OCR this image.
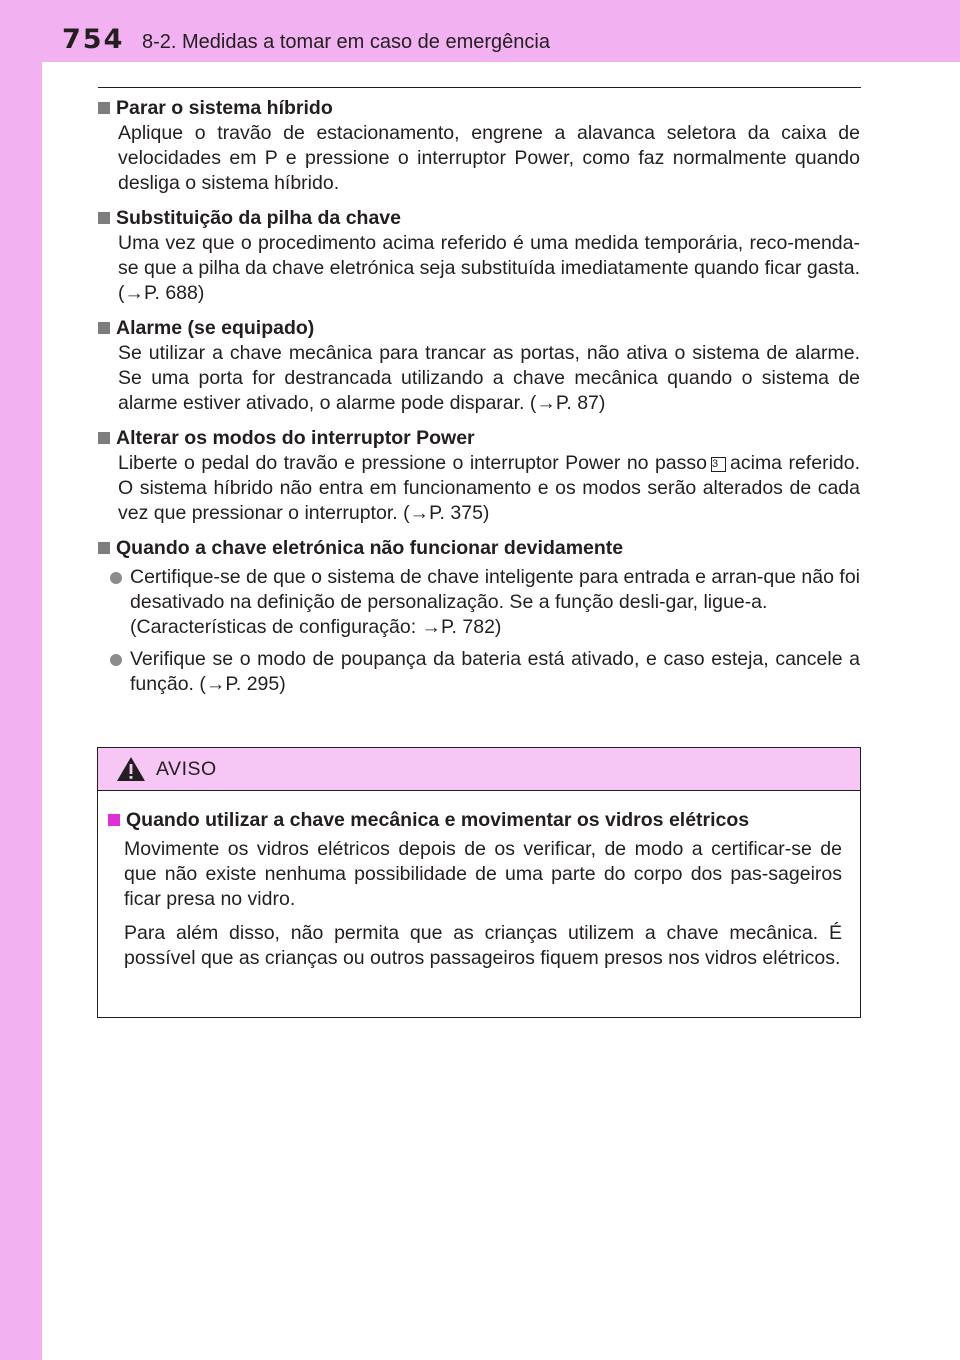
754 8-2. Medidas a tomar em caso de emergência
Parar o sistema híbrido
Aplique o travão de estacionamento, engrene a alavanca seletora da caixa de velocidades em P e pressione o interruptor Power, como faz normalmente quando desliga o sistema híbrido.
Substituição da pilha da chave
Uma vez que o procedimento acima referido é uma medida temporária, reco-menda-se que a pilha da chave eletrónica seja substituída imediatamente quando ficar gasta. (→P. 688)
Alarme (se equipado)
Se utilizar a chave mecânica para trancar as portas, não ativa o sistema de alarme. Se uma porta for destrancada utilizando a chave mecânica quando o sistema de alarme estiver ativado, o alarme pode disparar. (→P. 87)
Alterar os modos do interruptor Power
Liberte o pedal do travão e pressione o interruptor Power no passo 3 acima referido. O sistema híbrido não entra em funcionamento e os modos serão alterados de cada vez que pressionar o interruptor. (→P. 375)
Quando a chave eletrónica não funcionar devidamente
Certifique-se de que o sistema de chave inteligente para entrada e arran-que não foi desativado na definição de personalização. Se a função desli-gar, ligue-a.
(Características de configuração: →P. 782)
Verifique se o modo de poupança da bateria está ativado, e caso esteja, cancele a função. (→P. 295)
AVISO
Quando utilizar a chave mecânica e movimentar os vidros elétricos
Movimente os vidros elétricos depois de os verificar, de modo a certificar-se de que não existe nenhuma possibilidade de uma parte do corpo dos pas-sageiros ficar presa no vidro.
Para além disso, não permita que as crianças utilizem a chave mecânica. É possível que as crianças ou outros passageiros fiquem presos nos vidros elétricos.
